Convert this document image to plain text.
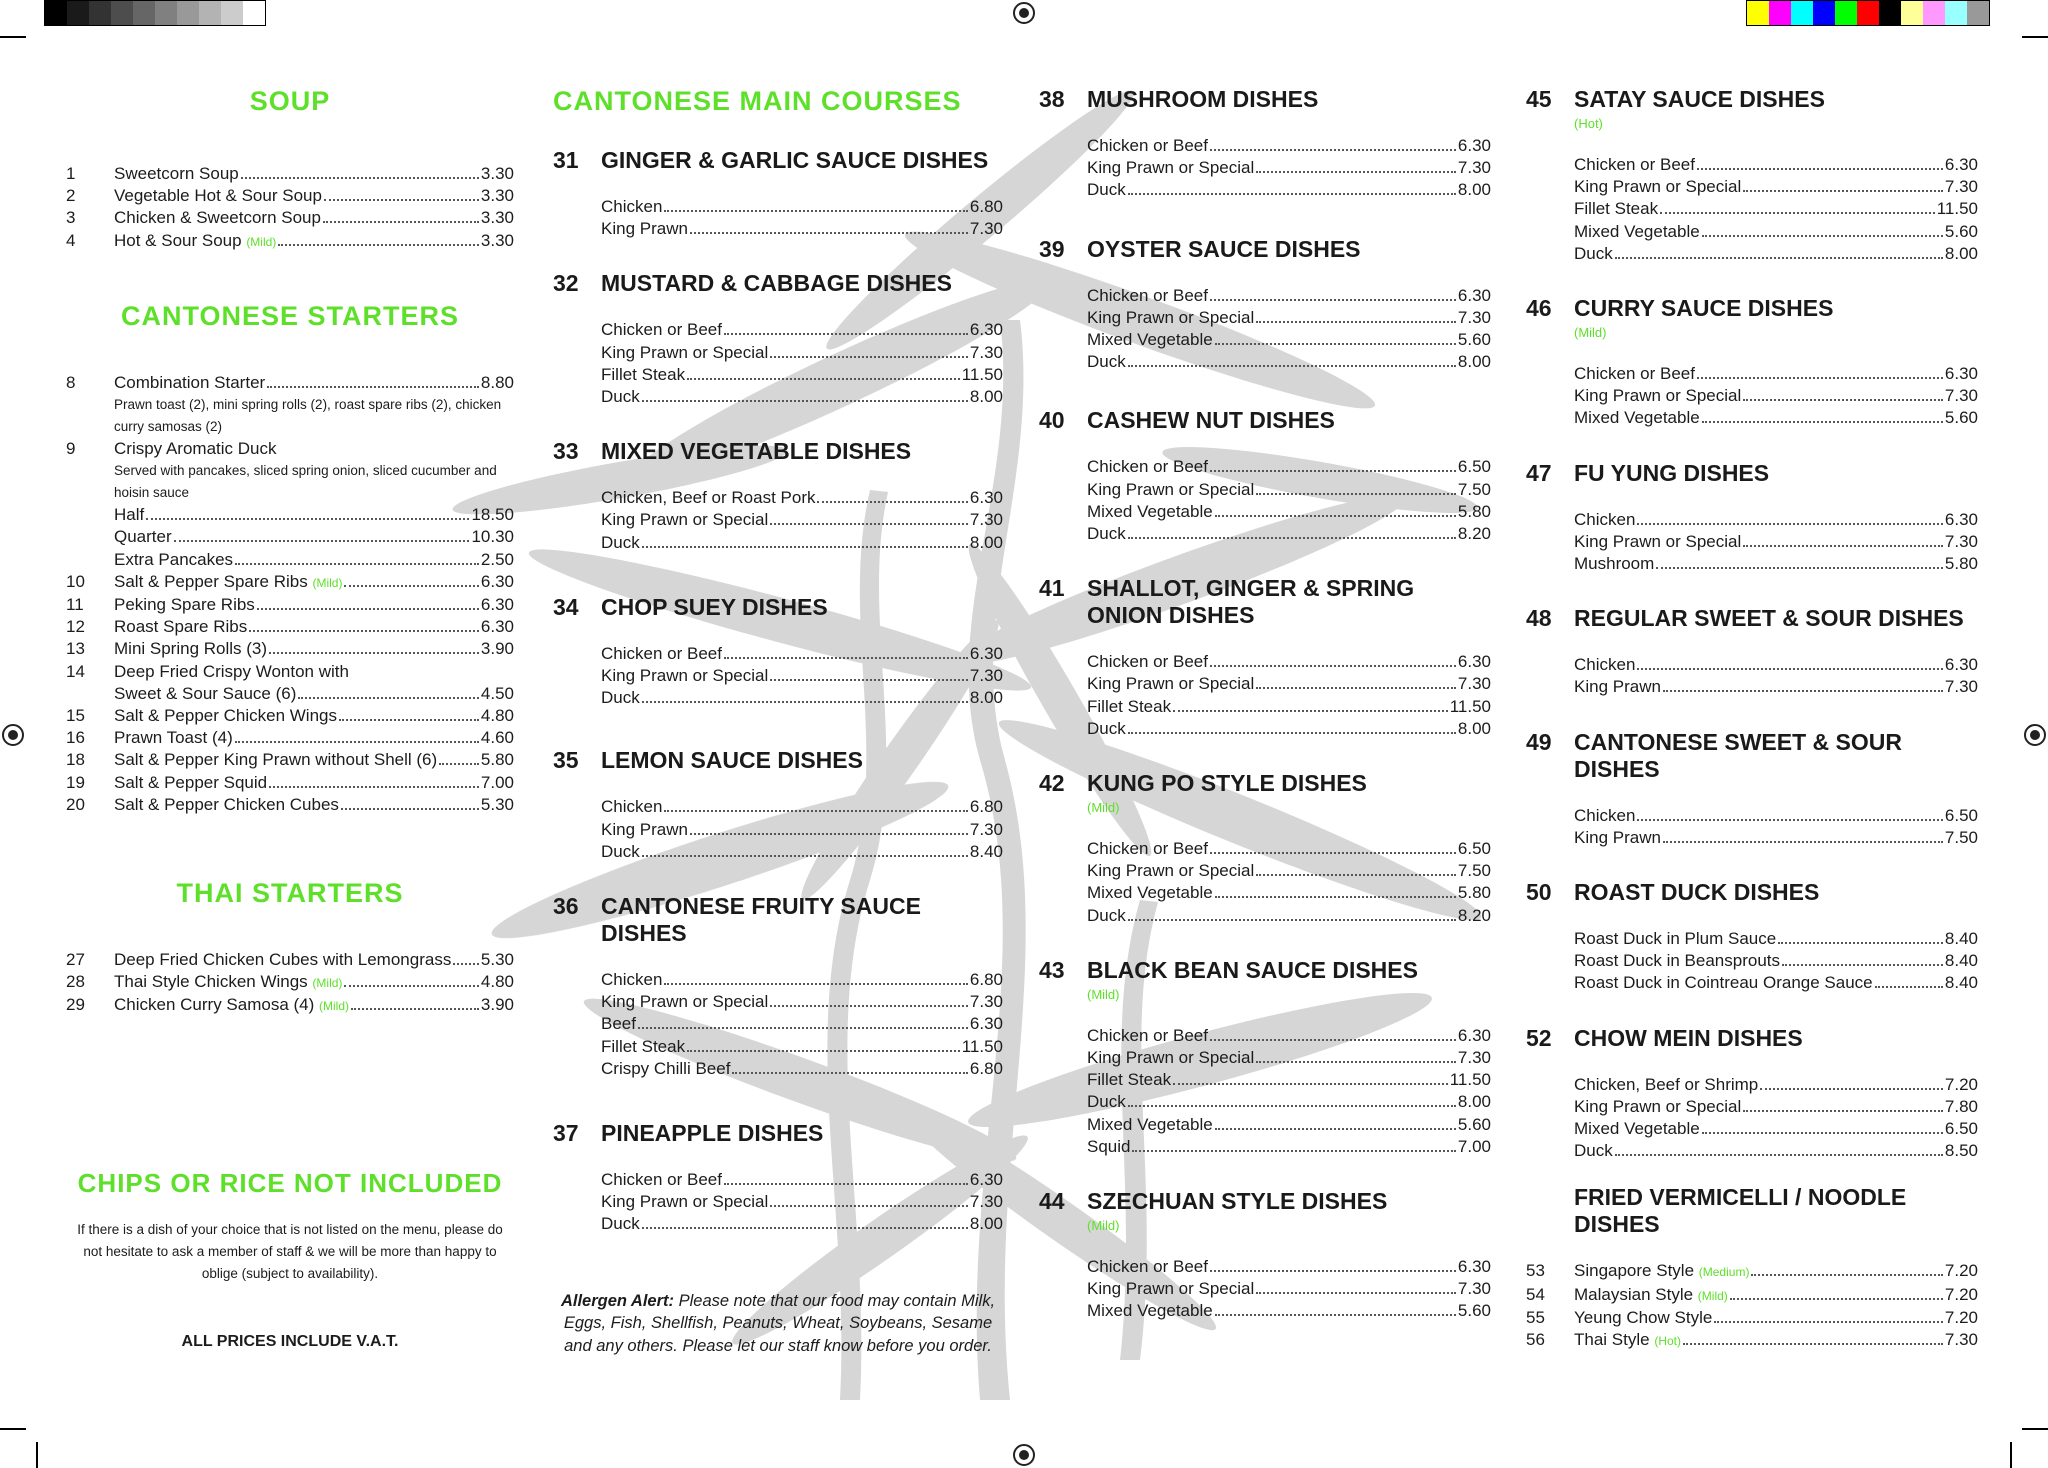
SOUP
1	Sweetcorn Soup	3.30
2	Vegetable Hot & Sour Soup	3.30
3	Chicken & Sweetcorn Soup	3.30
4	Hot & Sour Soup (Mild)	3.30
CANTONESE STARTERS
8	Combination Starter	8.80
Prawn toast (2), mini spring rolls (2), roast spare ribs (2), chicken curry samosas (2)
9	Crispy Aromatic Duck
Served with pancakes, sliced spring onion, sliced cucumber and hoisin sauce
Half	18.50
Quarter	10.30
Extra Pancakes	2.50
10	Salt & Pepper Spare Ribs (Mild)	6.30
11	Peking Spare Ribs	6.30
12	Roast Spare Ribs	6.30
13	Mini Spring Rolls (3)	3.90
14	Deep Fried Crispy Wonton with
Sweet & Sour Sauce (6)	4.50
15	Salt & Pepper Chicken Wings	4.80
16	Prawn Toast (4)	4.60
18	Salt & Pepper King Prawn without Shell (6)	5.80
19	Salt & Pepper Squid	7.00
20	Salt & Pepper Chicken Cubes	5.30
THAI STARTERS
27	Deep Fried Chicken Cubes with Lemongrass 5.30
28	Thai Style Chicken Wings (Mild)	4.80
29	Chicken Curry Samosa (4) (Mild)	3.90
CHIPS OR RICE NOT INCLUDED
If there is a dish of your choice that is not listed on the menu, please do not hesitate to ask a member of staff & we will be more than happy to oblige (subject to availability).
ALL PRICES INCLUDE V.A.T.
CANTONESE MAIN COURSES
31 GINGER & GARLIC SAUCE DISHES
Chicken	6.80
King Prawn	7.30
32 MUSTARD & CABBAGE DISHES
Chicken or Beef	6.30
King Prawn or Special	7.30
Fillet Steak	11.50
Duck	8.00
33 MIXED VEGETABLE DISHES
Chicken, Beef or Roast Pork	6.30
King Prawn or Special	7.30
Duck	8.00
34 CHOP SUEY DISHES
Chicken or Beef	6.30
King Prawn or Special	7.30
Duck	8.00
35 LEMON SAUCE DISHES
Chicken	6.80
King Prawn	7.30
Duck	8.40
36 CANTONESE FRUITY SAUCE DISHES
Chicken	6.80
King Prawn or Special	7.30
Beef	6.30
Fillet Steak	11.50
Crispy Chilli Beef	6.80
37 PINEAPPLE DISHES
Chicken or Beef	6.30
King Prawn or Special	7.30
Duck	8.00
Allergen Alert: Please note that our food may contain Milk, Eggs, Fish, Shellfish, Peanuts, Wheat, Soybeans, Sesame and any others. Please let our staff know before you order.
38 MUSHROOM DISHES
Chicken or Beef	6.30
King Prawn or Special	7.30
Duck	8.00
39 OYSTER SAUCE DISHES
Chicken or Beef	6.30
King Prawn or Special	7.30
Mixed Vegetable	5.60
Duck	8.00
40 CASHEW NUT DISHES
Chicken or Beef	6.50
King Prawn or Special	7.50
Mixed Vegetable	5.80
Duck	8.20
41 SHALLOT, GINGER & SPRING ONION DISHES
Chicken or Beef	6.30
King Prawn or Special	7.30
Fillet Steak	11.50
Duck	8.00
42 KUNG PO STYLE DISHES
(Mild)
Chicken or Beef	6.50
King Prawn or Special	7.50
Mixed Vegetable	5.80
Duck	8.20
43 BLACK BEAN SAUCE DISHES
(Mild)
Chicken or Beef	6.30
King Prawn or Special	7.30
Fillet Steak	11.50
Duck	8.00
Mixed Vegetable	5.60
Squid	7.00
44 SZECHUAN STYLE DISHES
(Mild)
Chicken or Beef	6.30
King Prawn or Special	7.30
Mixed Vegetable	5.60
45 SATAY SAUCE DISHES
(Hot)
Chicken or Beef	6.30
King Prawn or Special	7.30
Fillet Steak	11.50
Mixed Vegetable	5.60
Duck	8.00
46 CURRY SAUCE DISHES
(Mild)
Chicken or Beef	6.30
King Prawn or Special	7.30
Mixed Vegetable	5.60
47 FU YUNG DISHES
Chicken	6.30
King Prawn or Special	7.30
Mushroom	5.80
48 REGULAR SWEET & SOUR DISHES
Chicken	6.30
King Prawn	7.30
49 CANTONESE SWEET & SOUR DISHES
Chicken	6.50
King Prawn	7.50
50 ROAST DUCK DISHES
Roast Duck in Plum Sauce	8.40
Roast Duck in Beansprouts	8.40
Roast Duck in Cointreau Orange Sauce	8.40
52 CHOW MEIN DISHES
Chicken, Beef or Shrimp	7.20
King Prawn or Special	7.80
Mixed Vegetable	6.50
Duck	8.50
FRIED VERMICELLI / NOODLE DISHES
53	Singapore Style (Medium)	7.20
54	Malaysian Style (Mild)	7.20
55	Yeung Chow Style	7.20
56	Thai Style (Hot)	7.30
